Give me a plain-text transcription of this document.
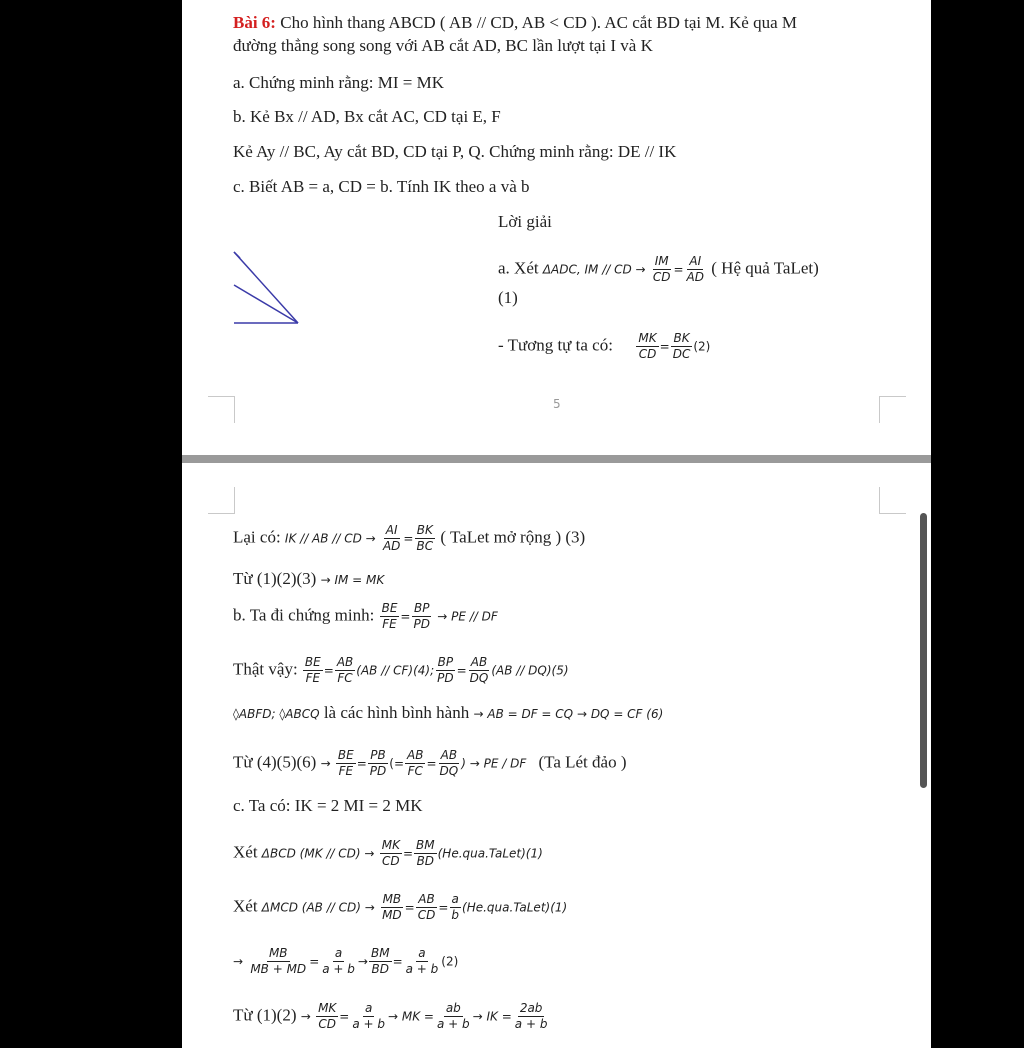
Bài 6: Cho hình thang ABCD ( AB // CD, AB < CD ). AC cắt BD tại M. Kẻ qua M
đường thẳng song song với AB cắt AD, BC lần lượt tại I và K
a. Chứng minh rằng: MI = MK
b. Kẻ Bx // AD, Bx cắt AC, CD tại E, F
Kẻ Ay // BC, Ay cắt BD, CD tại P, Q. Chứng minh rằng: DE // IK
c. Biết AB = a, CD = b. Tính IK theo a và b
Lời giải
a. Xét ΔADC, IM // CD → $\frac{IM}{CD} = \frac{AI}{AD}$ ( Hệ quả TaLet)
(1)
- Tương tự ta có: $\frac{MK}{CD} = \frac{BK}{DC} (2)$
5
Lại có: IK // AB // CD → $\frac{AI}{AD} = \frac{BK}{BC}$ ( TaLet mở rộng ) (3)
Từ (1)(2)(3) → IM = MK
b. Ta đi chứng minh: $\frac{BE}{FE} = \frac{BP}{PD}$ → PE // DF
Thật vậy: $\frac{BE}{FE} = \frac{AB}{FC} (AB // CF)(4)$; $\frac{BP}{PD} = \frac{AB}{DQ} (AB // DQ)(5)$
◊ABFD; ◊ABCQ là các hình bình hành → AB = DF = CQ → DQ = CF (6)
Từ $(4)(5)(6) \to \frac{BE}{FE} = \frac{PB}{PD}$ (= $\frac{AB}{FC} = \frac{AB}{DQ}$ ) → PE / DF (Ta Lét đảo )
c. Ta có: IK = 2 MI = 2 MK
Xét ΔBCD $(MK // CD) \to \frac{MK}{CD} = \frac{BM}{BD}$ (He.qua.TaLet)(1)
Xét ΔMCD $(AB // CD) \to \frac{MB}{MD} = \frac{AB}{CD} = \frac{a}{b}$ (He.qua.TaLet)(1)
→ $\frac{MB}{MB + MD} = \frac{a}{a + b} \to \frac{BM}{BD} = \frac{a}{a + b} (2)$
Từ $(1)(2) \to \frac{MK}{CD} = \frac{a}{a + b}$ → MK = $\frac{ab}{a + b}$ → IK = $\frac{2ab}{a + b}$
